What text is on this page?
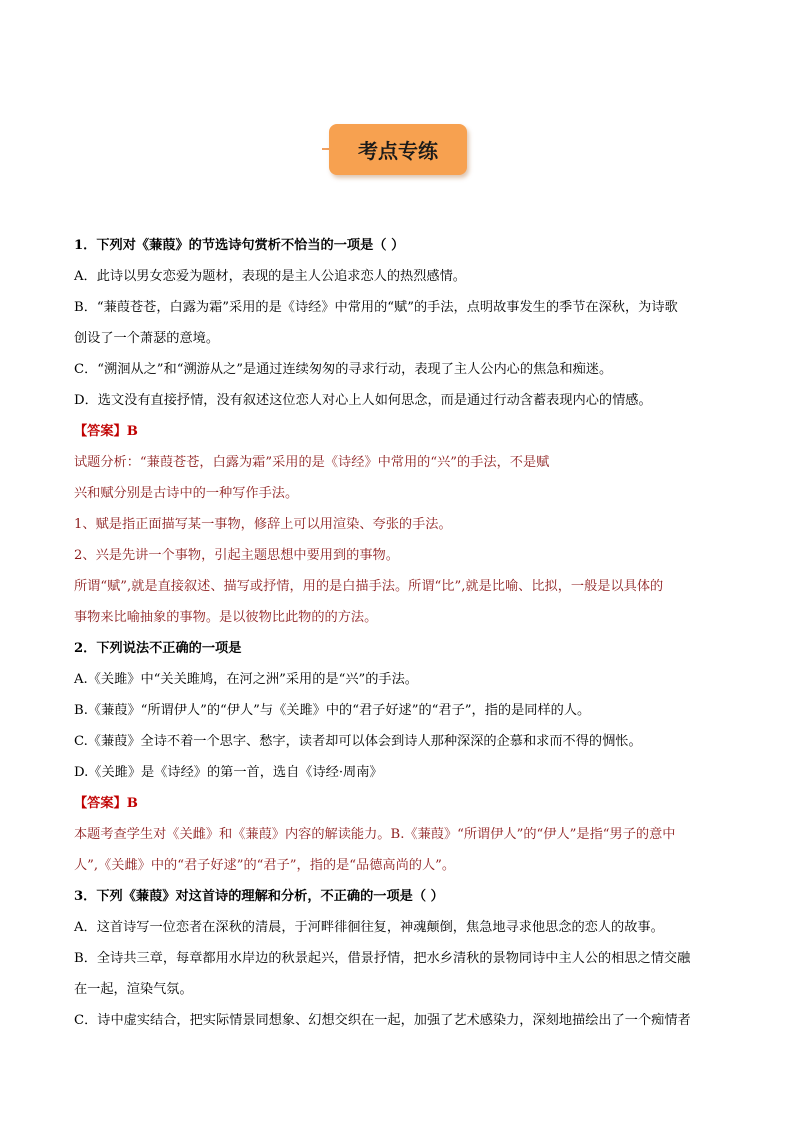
考点专练
1．下列对《蒹葭》的节选诗句赏析不恰当的一项是（ ）
A．此诗以男女恋爱为题材，表现的是主人公追求恋人的热烈感情。
B．“蒹葭苍苍，白露为霜”采用的是《诗经》中常用的“赋”的手法，点明故事发生的季节在深秋，为诗歌
创设了一个萧瑟的意境。
C．“溯洄从之”和“溯游从之”是通过连续匆匆的寻求行动，表现了主人公内心的焦急和痴迷。
D．选文没有直接抒情，没有叙述这位恋人对心上人如何思念，而是通过行动含蓄表现内心的情感。
【答案】B
试题分析：“蒹葭苍苍，白露为霜”采用的是《诗经》中常用的“兴”的手法，不是赋
兴和赋分别是古诗中的一种写作手法。
1、赋是指正面描写某一事物，修辞上可以用渲染、夸张的手法。
2、兴是先讲一个事物，引起主题思想中要用到的事物。
所谓“赋”,就是直接叙述、描写或抒情，用的是白描手法。所谓“比”,就是比喻、比拟，一般是以具体的
事物来比喻抽象的事物。是以彼物比此物的的方法。
2．下列说法不正确的一项是
A.《关雎》中“关关雎鸠，在河之洲”采用的是“兴”的手法。
B.《蒹葭》“所谓伊人”的“伊人”与《关雎》中的“君子好逑”的“君子”，指的是同样的人。
C.《蒹葭》全诗不着一个思字、愁字，读者却可以体会到诗人那种深深的企慕和求而不得的惆怅。
D.《关雎》是《诗经》的第一首，选自《诗经·周南》
【答案】B
本题考查学生对《关雌》和《蒹葭》内容的解读能力。B.《蒹葭》“所谓伊人”的“伊人”是指“男子的意中
人”,《关雌》中的“君子好逑”的“君子”，指的是“品德高尚的人”。
3．下列《蒹葭》对这首诗的理解和分析，不正确的一项是（ ）
A．这首诗写一位恋者在深秋的清晨，于河畔徘徊往复，神魂颠倒，焦急地寻求他思念的恋人的故事。
B．全诗共三章，每章都用水岸边的秋景起兴，借景抒情，把水乡清秋的景物同诗中主人公的相思之情交融
在一起，渲染气氛。
C．诗中虚实结合，把实际情景同想象、幻想交织在一起，加强了艺术感染力，深刻地描绘出了一个痴情者
